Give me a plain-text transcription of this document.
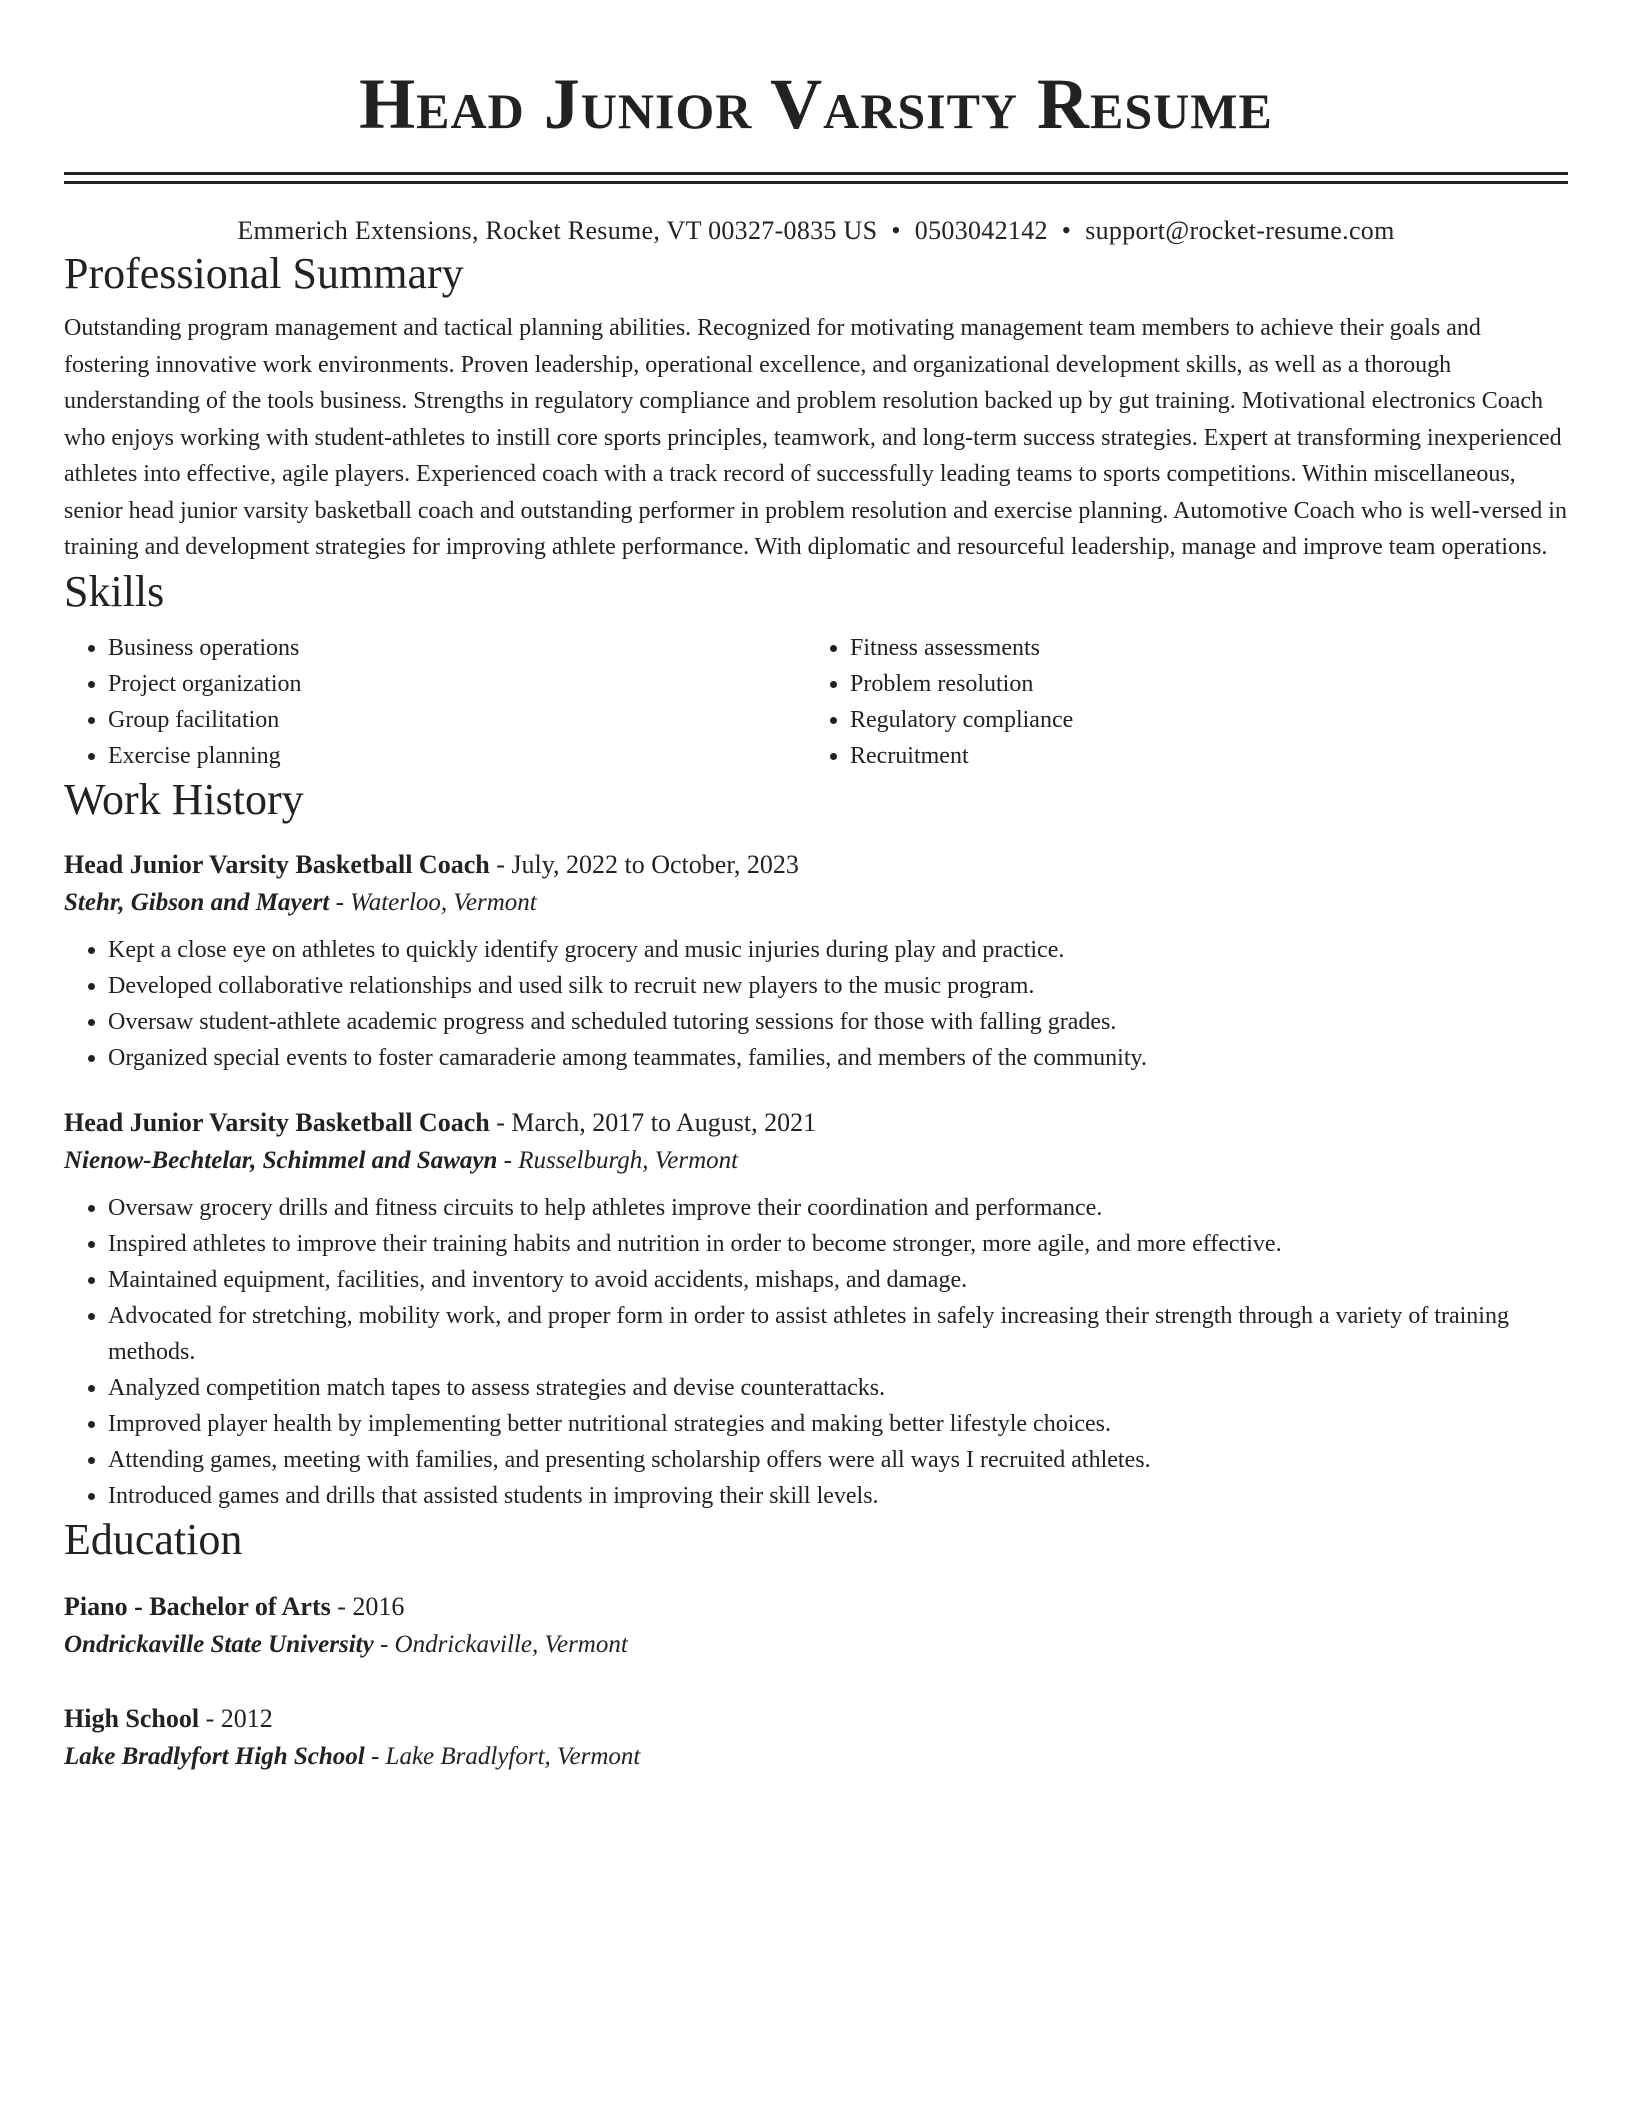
Head Junior Varsity Resume
Emmerich Extensions, Rocket Resume, VT 00327-0835 US • 0503042142 • support@rocket-resume.com
Professional Summary

Outstanding program management and tactical planning abilities. Recognized for motivating management team members to achieve their goals and fostering innovative work environments. Proven leadership, operational excellence, and organizational development skills, as well as a thorough understanding of the tools business. Strengths in regulatory compliance and problem resolution backed up by gut training. Motivational electronics Coach who enjoys working with student-athletes to instill core sports principles, teamwork, and long-term success strategies. Expert at transforming inexperienced athletes into effective, agile players. Experienced coach with a track record of successfully leading teams to sports competitions. Within miscellaneous, senior head junior varsity basketball coach and outstanding performer in problem resolution and exercise planning. Automotive Coach who is well-versed in training and development strategies for improving athlete performance. With diplomatic and resourceful leadership, manage and improve team operations.

Skills
• Business operations
• Project organization
• Group facilitation
• Exercise planning
• Fitness assessments
• Problem resolution
• Regulatory compliance
• Recruitment
Work History
Head Junior Varsity Basketball Coach - July, 2022 to October, 2023
Stehr, Gibson and Mayert - Waterloo, Vermont
• Kept a close eye on athletes to quickly identify grocery and music injuries during play and practice.
• Developed collaborative relationships and used silk to recruit new players to the music program.
• Oversaw student-athlete academic progress and scheduled tutoring sessions for those with falling grades.
• Organized special events to foster camaraderie among teammates, families, and members of the community.
Head Junior Varsity Basketball Coach - March, 2017 to August, 2021
Nienow-Bechtelar, Schimmel and Sawayn - Russelburgh, Vermont
• Oversaw grocery drills and fitness circuits to help athletes improve their coordination and performance.
• Inspired athletes to improve their training habits and nutrition in order to become stronger, more agile, and more effective.
• Maintained equipment, facilities, and inventory to avoid accidents, mishaps, and damage.
• Advocated for stretching, mobility work, and proper form in order to assist athletes in safely increasing their strength through a variety of training methods.
• Analyzed competition match tapes to assess strategies and devise counterattacks.
• Improved player health by implementing better nutritional strategies and making better lifestyle choices.
• Attending games, meeting with families, and presenting scholarship offers were all ways I recruited athletes.
• Introduced games and drills that assisted students in improving their skill levels.
Education
Piano - Bachelor of Arts - 2016
Ondrickaville State University - Ondrickaville, Vermont
High School - 2012
Lake Bradlyfort High School - Lake Bradlyfort, Vermont
